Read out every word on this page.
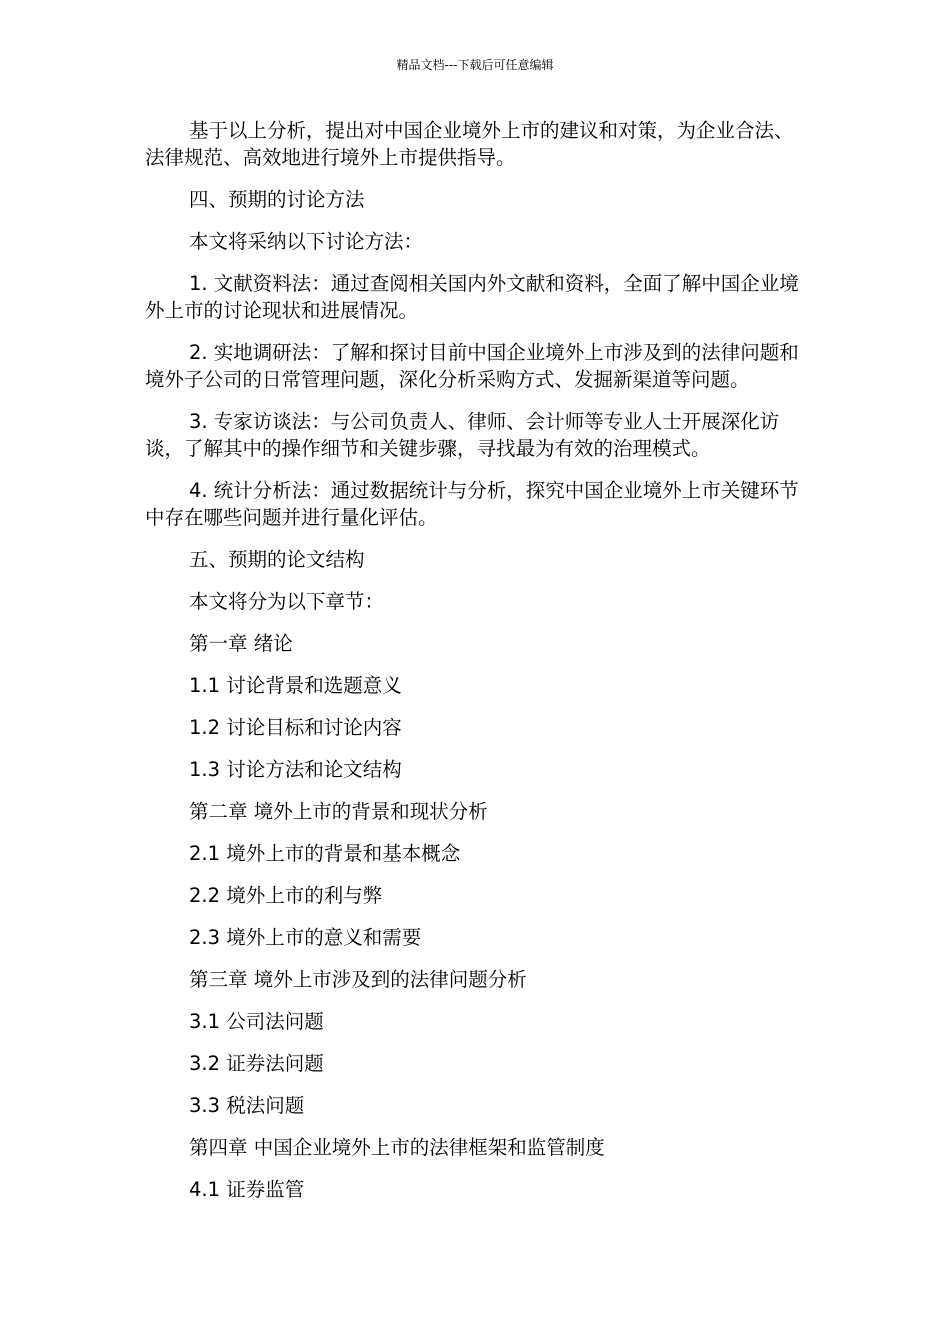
精品文档---下载后可任意编辑

基于以上分析，提出对中国企业境外上市的建议和对策，为企业合法、法律规范、高效地进行境外上市提供指导。

四、预期的讨论方法

本文将采纳以下讨论方法：

1. 文献资料法：通过查阅相关国内外文献和资料，全面了解中国企业境外上市的讨论现状和进展情况。

2. 实地调研法：了解和探讨目前中国企业境外上市涉及到的法律问题和境外子公司的日常管理问题，深化分析采购方式、发掘新渠道等问题。

3. 专家访谈法：与公司负责人、律师、会计师等专业人士开展深化访谈，了解其中的操作细节和关键步骤，寻找最为有效的治理模式。

4. 统计分析法：通过数据统计与分析，探究中国企业境外上市关键环节中存在哪些问题并进行量化评估。

五、预期的论文结构

本文将分为以下章节：

第一章 绪论

1.1 讨论背景和选题意义

1.2 讨论目标和讨论内容

1.3 讨论方法和论文结构

第二章 境外上市的背景和现状分析

2.1 境外上市的背景和基本概念

2.2 境外上市的利与弊

2.3 境外上市的意义和需要

第三章 境外上市涉及到的法律问题分析

3.1 公司法问题

3.2 证券法问题

3.3 税法问题

第四章 中国企业境外上市的法律框架和监管制度

4.1 证券监管
